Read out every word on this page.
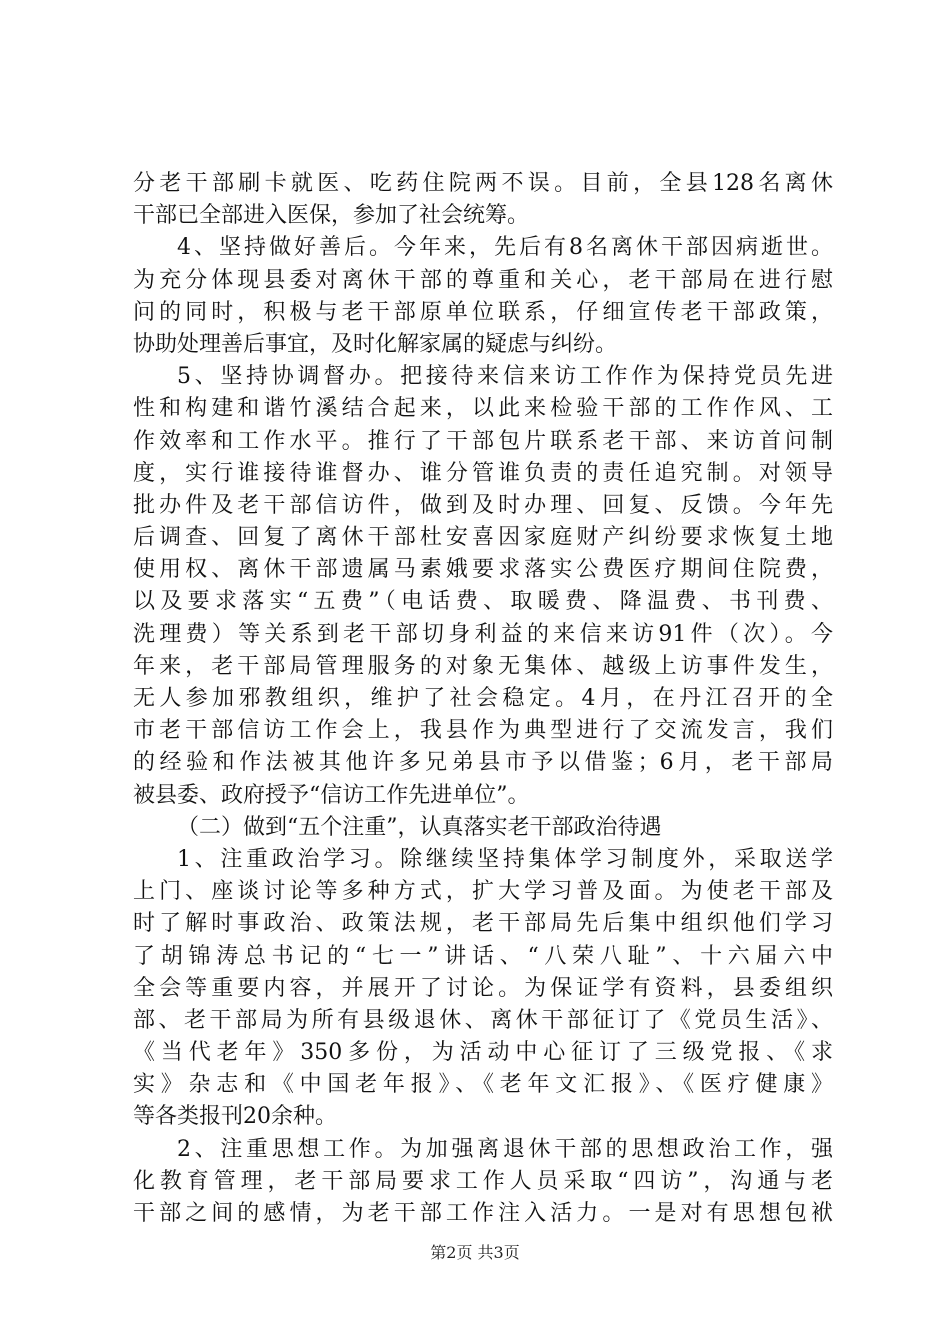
分老干部刷卡就医、吃药住院两不误。目前，全县128名离休
干部已全部进入医保，参加了社会统筹。
4、坚持做好善后。今年来，先后有8名离休干部因病逝世。
为充分体现县委对离休干部的尊重和关心，老干部局在进行慰
问的同时，积极与老干部原单位联系，仔细宣传老干部政策，
协助处理善后事宜，及时化解家属的疑虑与纠纷。
5、坚持协调督办。把接待来信来访工作作为保持党员先进
性和构建和谐竹溪结合起来，以此来检验干部的工作作风、工
作效率和工作水平。推行了干部包片联系老干部、来访首问制
度，实行谁接待谁督办、谁分管谁负责的责任追究制。对领导
批办件及老干部信访件，做到及时办理、回复、反馈。今年先
后调查、回复了离休干部杜安喜因家庭财产纠纷要求恢复土地
使用权、离休干部遗属马素娥要求落实公费医疗期间住院费，
以及要求落实“五费”（电话费、取暖费、降温费、书刊费、
洗理费）等关系到老干部切身利益的来信来访91件（次）。今
年来，老干部局管理服务的对象无集体、越级上访事件发生，
无人参加邪教组织，维护了社会稳定。4月，在丹江召开的全
市老干部信访工作会上，我县作为典型进行了交流发言，我们
的经验和作法被其他许多兄弟县市予以借鉴；6月，老干部局
被县委、政府授予“信访工作先进单位”。
（二）做到“五个注重”，认真落实老干部政治待遇
1、注重政治学习。除继续坚持集体学习制度外，采取送学
上门、座谈讨论等多种方式，扩大学习普及面。为使老干部及
时了解时事政治、政策法规，老干部局先后集中组织他们学习
了胡锦涛总书记的“七一”讲话、“八荣八耻”、十六届六中
全会等重要内容，并展开了讨论。为保证学有资料，县委组织
部、老干部局为所有县级退休、离休干部征订了《党员生活》、
《当代老年》350多份，为活动中心征订了三级党报、《求
实》杂志和《中国老年报》、《老年文汇报》、《医疗健康》
等各类报刊20余种。
2、注重思想工作。为加强离退休干部的思想政治工作，强
化教育管理，老干部局要求工作人员采取“四访”，沟通与老
干部之间的感情，为老干部工作注入活力。一是对有思想包袱
第2页 共3页
